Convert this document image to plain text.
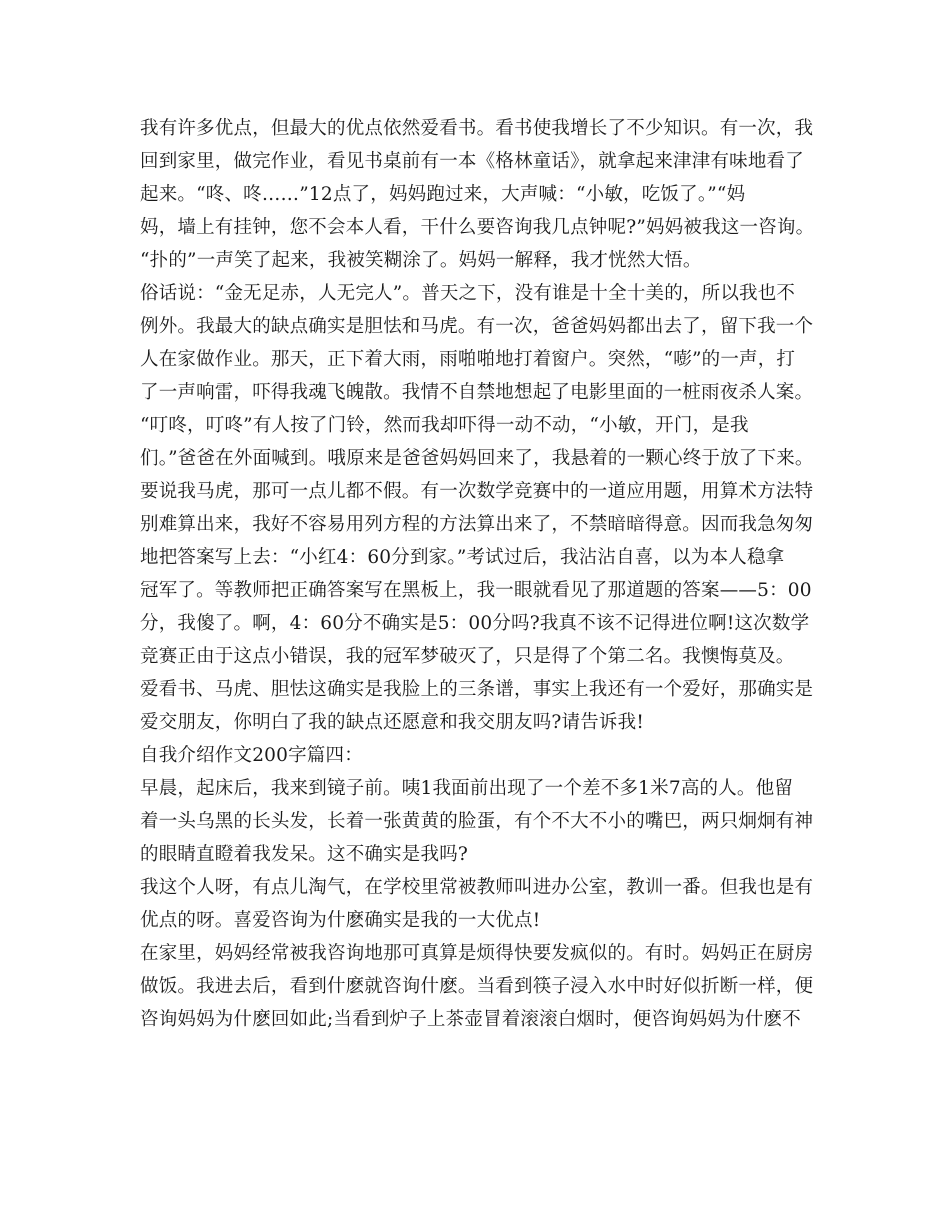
我有许多优点，但最大的优点依然爱看书。看书使我增长了不少知识。有一次，我
回到家里，做完作业，看见书桌前有一本《格林童话》，就拿起来津津有味地看了
起来。“咚、咚……”12点了，妈妈跑过来，大声喊：“小敏，吃饭了。”“妈
妈，墙上有挂钟，您不会本人看，干什么要咨询我几点钟呢?”妈妈被我这一咨询。
“扑的”一声笑了起来，我被笑糊涂了。妈妈一解释，我才恍然大悟。
俗话说：“金无足赤，人无完人”。普天之下，没有谁是十全十美的，所以我也不
例外。我最大的缺点确实是胆怯和马虎。有一次，爸爸妈妈都出去了，留下我一个
人在家做作业。那天，正下着大雨，雨啪啪地打着窗户。突然，“嘭”的一声，打
了一声响雷，吓得我魂飞魄散。我情不自禁地想起了电影里面的一桩雨夜杀人案。
“叮咚，叮咚”有人按了门铃，然而我却吓得一动不动，“小敏，开门，是我
们。”爸爸在外面喊到。哦原来是爸爸妈妈回来了，我悬着的一颗心终于放了下来。
要说我马虎，那可一点儿都不假。有一次数学竞赛中的一道应用题，用算术方法特
别难算出来，我好不容易用列方程的方法算出来了，不禁暗暗得意。因而我急匆匆
地把答案写上去：“小红4：60分到家。”考试过后，我沾沾自喜，以为本人稳拿
冠军了。等教师把正确答案写在黑板上，我一眼就看见了那道题的答案——5：00
分，我傻了。啊，4：60分不确实是5：00分吗?我真不该不记得进位啊!这次数学
竞赛正由于这点小错误，我的冠军梦破灭了，只是得了个第二名。我懊悔莫及。
爱看书、马虎、胆怯这确实是我脸上的三条谱，事实上我还有一个爱好，那确实是
爱交朋友，你明白了我的缺点还愿意和我交朋友吗?请告诉我!
自我介绍作文200字篇四：
早晨，起床后，我来到镜子前。咦1我面前出现了一个差不多1米7高的人。他留
着一头乌黑的长头发，长着一张黄黄的脸蛋，有个不大不小的嘴巴，两只炯炯有神
的眼睛直瞪着我发呆。这不确实是我吗?
我这个人呀，有点儿淘气，在学校里常被教师叫进办公室，教训一番。但我也是有
优点的呀。喜爱咨询为什麽确实是我的一大优点!
在家里，妈妈经常被我咨询地那可真算是烦得快要发疯似的。有时。妈妈正在厨房
做饭。我进去后，看到什麽就咨询什麽。当看到筷子浸入水中时好似折断一样，便
咨询妈妈为什麽回如此;当看到炉子上茶壶冒着滚滚白烟时，便咨询妈妈为什麽不
